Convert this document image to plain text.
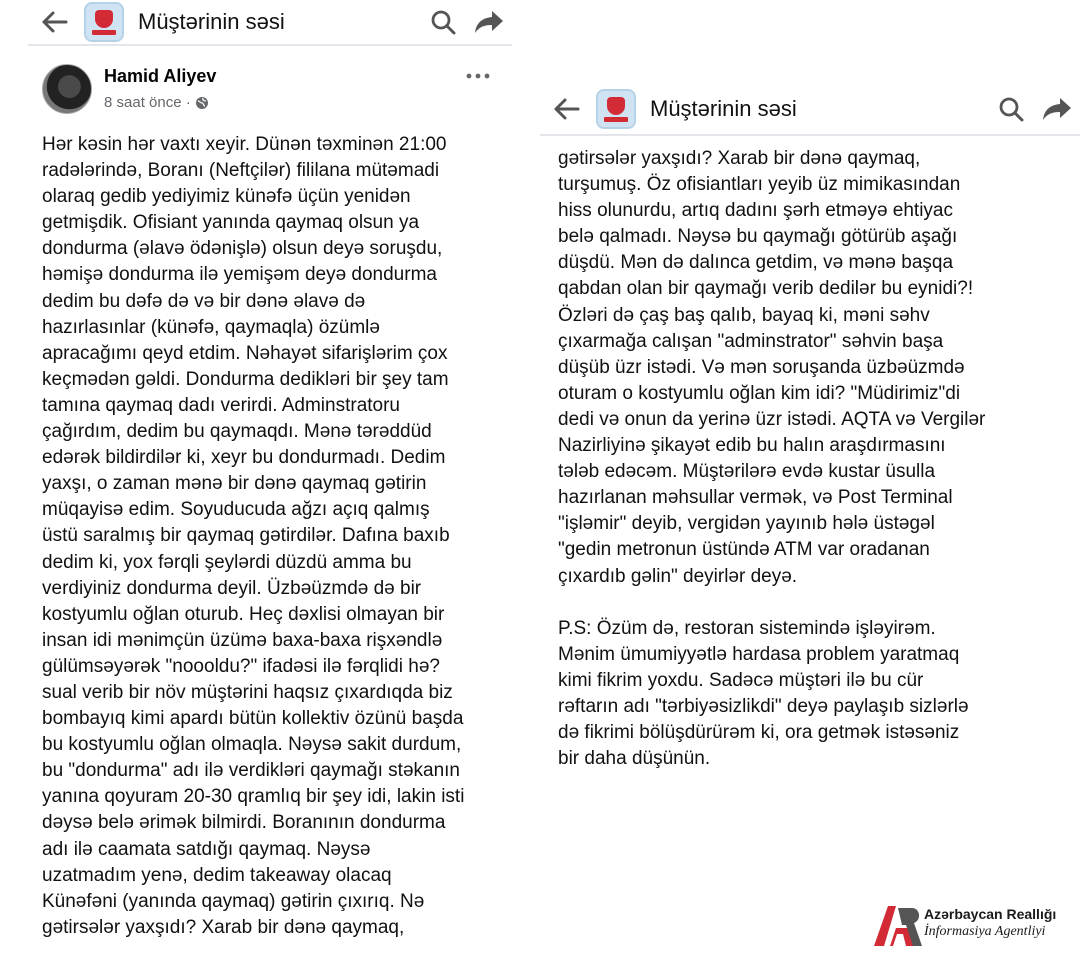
Müştərinin səsi
Hamid Aliyev
8 saat önce ·
Hər kəsin hər vaxtı xeyir. Dünən təxminən 21:00
radələrində, Boranı (Neftçilər) fililana mütəmadi
olaraq gedib yediyimiz künəfə üçün yenidən
getmişdik. Ofisiant yanında qaymaq olsun ya
dondurma (əlavə ödənişlə) olsun deyə soruşdu,
həmişə dondurma ilə yemişəm deyə dondurma
dedim bu dəfə də və bir dənə əlavə də
hazırlasınlar (künəfə, qaymaqla) özümlə
apracağımı qeyd etdim. Nəhayət sifarişlərim çox
keçmədən gəldi. Dondurma dedikləri bir şey tam
tamına qaymaq dadı verirdi. Adminstratoru
çağırdım, dedim bu qaymaqdı. Mənə tərəddüd
edərək bildirdilər ki, xeyr bu dondurmadı. Dedim
yaxşı, o zaman mənə bir dənə qaymaq gətirin
müqayisə edim. Soyuducuda ağzı açıq qalmış
üstü saralmış bir qaymaq gətirdilər. Dafına baxıb
dedim ki, yox fərqli şeylərdi düzdü amma bu
verdiyiniz dondurma deyil. Üzbəüzmdə də bir
kostyumlu oğlan oturub. Heç dəxlisi olmayan bir
insan idi mənimçün üzümə baxa-baxa rişxəndlə
gülümsəyərək "noooldu?" ifadəsi ilə fərqlidi hə?
sual verib bir növ müştərini haqsız çıxardıqda biz
bombayıq kimi apardı bütün kollektiv özünü başda
bu kostyumlu oğlan olmaqla. Nəysə sakit durdum,
bu "dondurma" adı ilə verdikləri qaymağı stəkanın
yanına qoyuram 20-30 qramlıq bir şey idi, lakin isti
dəysə belə ərimək bilmirdi. Boranının dondurma
adı ilə caamata satdığı qaymaq. Nəysə
uzatmadım yenə, dedim takeaway olacaq
Künəfəni (yanında qaymaq) gətirin çıxırıq. Nə
gətirsələr yaxşıdı? Xarab bir dənə qaymaq,
Müştərinin səsi
gətirsələr yaxşıdı? Xarab bir dənə qaymaq,
turşumuş. Öz ofisiantları yeyib üz mimikasından
hiss olunurdu, artıq dadını şərh etməyə ehtiyac
belə qalmadı. Nəysə bu qaymağı götürüb aşağı
düşdü. Mən də dalınca getdim, və mənə başqa
qabdan olan bir qaymağı verib dedilər bu eynidi?!
Özləri də çaş baş qalıb, bayaq ki, məni səhv
çıxarmağa calışan "adminstrator" səhvin başa
düşüb üzr istədi. Və mən soruşanda üzbəüzmdə
oturam o kostyumlu oğlan kim idi? "Müdirimiz"di
dedi və onun da yerinə üzr istədi. AQTA və Vergilər
Nazirliyinə şikayət edib bu halın araşdırmasını
tələb edəcəm. Müştərilərə evdə kustar üsulla
hazırlanan məhsullar vermək, və Post Terminal
"işləmir" deyib, vergidən yayınıb hələ üstəgəl
"gedin metronun üstündə ATM var oradanan
çıxardıb gəlin" deyirlər deyə.

P.S: Özüm də, restoran sistemində işləyirəm.
Mənim ümumiyyətlə hardasa problem yaratmaq
kimi fikrim yoxdu. Sadəcə müştəri ilə bu cür
rəftarın adı "tərbiyəsizlikdi" deyə paylaşıb sizlərlə
də fikrimi bölüşdürürəm ki, ora getmək istəsəniz
bir daha düşünün.
Azərbaycan Reallığı
İnformasiya Agentliyi
